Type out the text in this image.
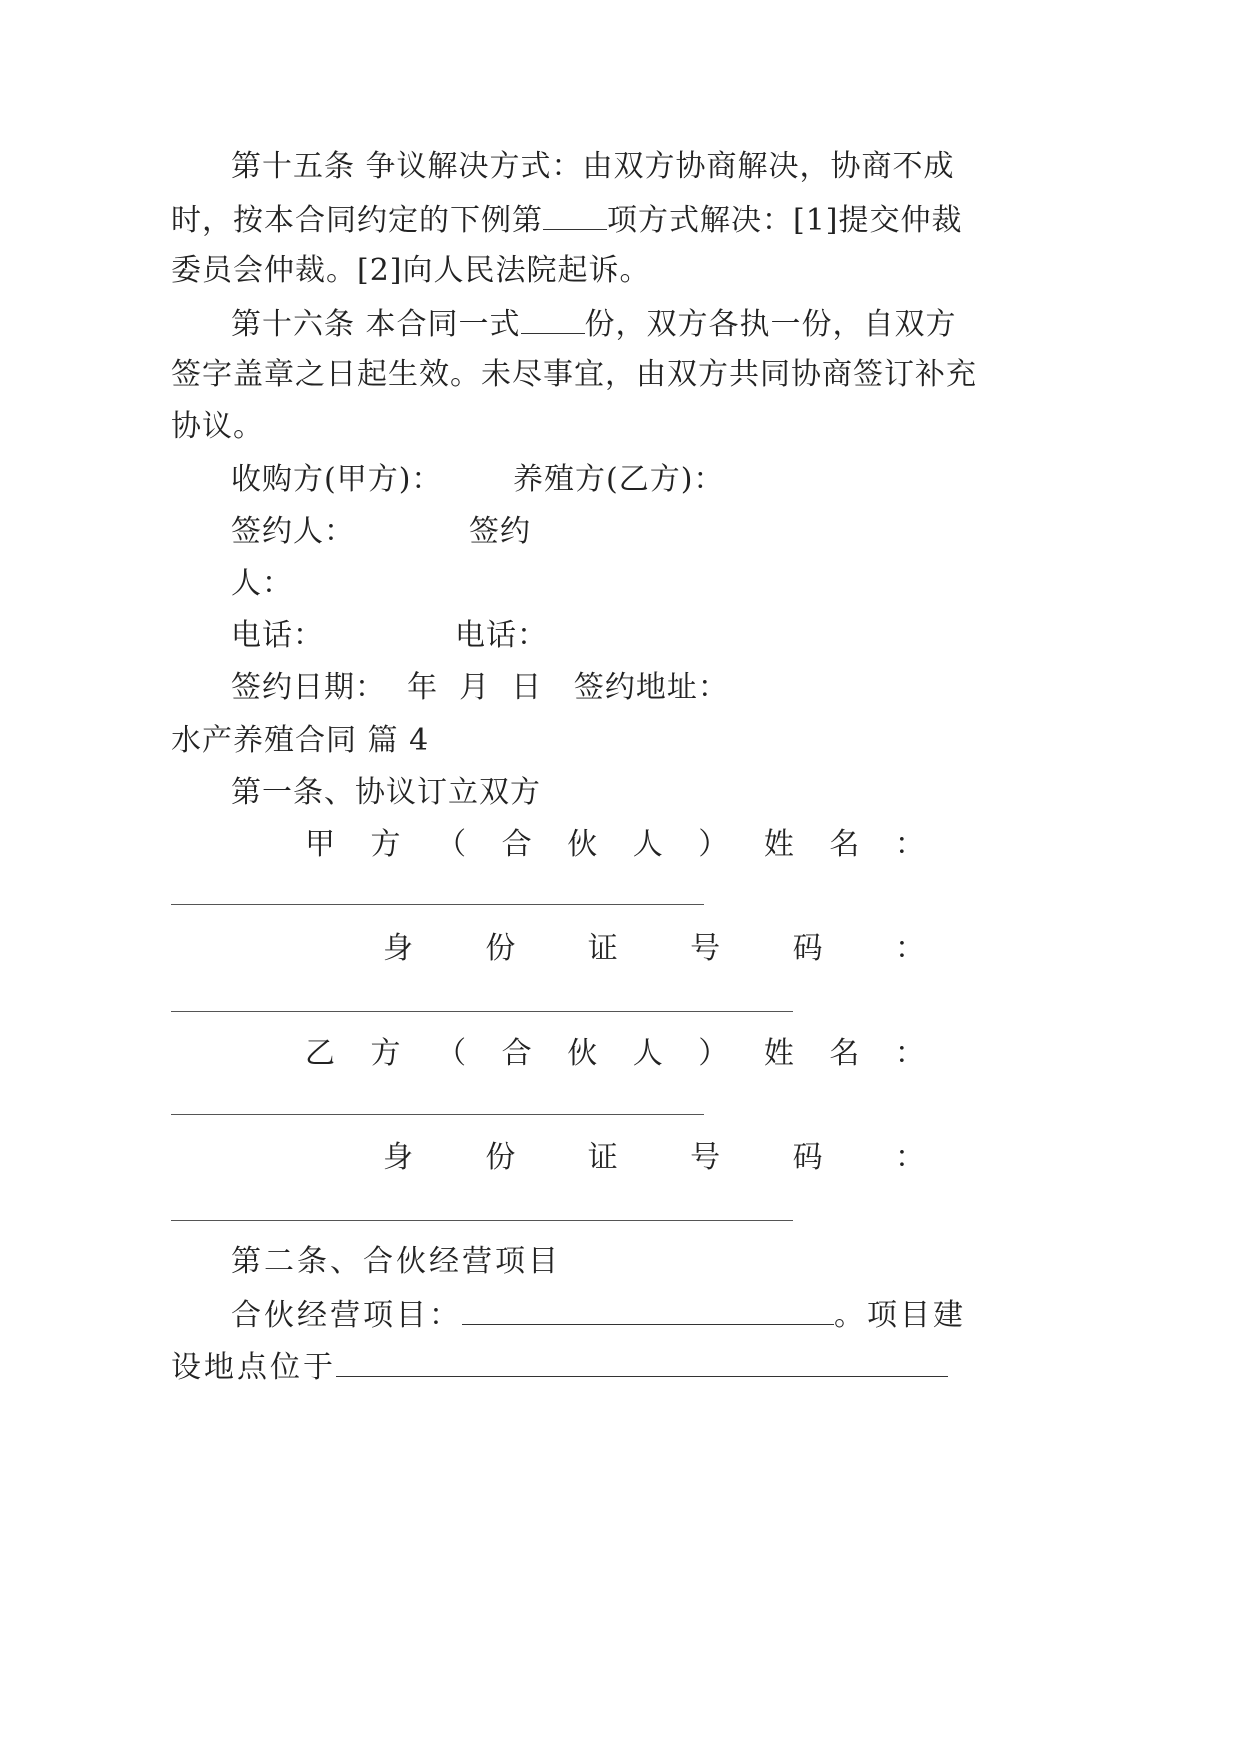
第十五条 争议解决方式：由双方协商解决，协商不成
时，按本合同约定的下例第 项方式解决：[1]提交仲裁
委员会仲裁。[2]向人民法院起诉。
第十六条 本合同一式 份，双方各执一份，自双方
签字盖章之日起生效。未尽事宜，由双方共同协商签订补充
协议。
收购方(甲方)： 养殖方(乙方)：
签约人：	签约
人：
电话：	电话：
签约日期：  年  月  日   签约地址：
水产养殖合同 篇 4
第一条、协议订立双方
甲 方 （ 合 伙 人 ） 姓 名 ：
身 份 证 号 码 ：
乙 方 （ 合 伙 人 ） 姓 名 ：
身 份 证 号 码 ：
第二条、合伙经营项目
合伙经营项目：	。项目建
设地点位于
